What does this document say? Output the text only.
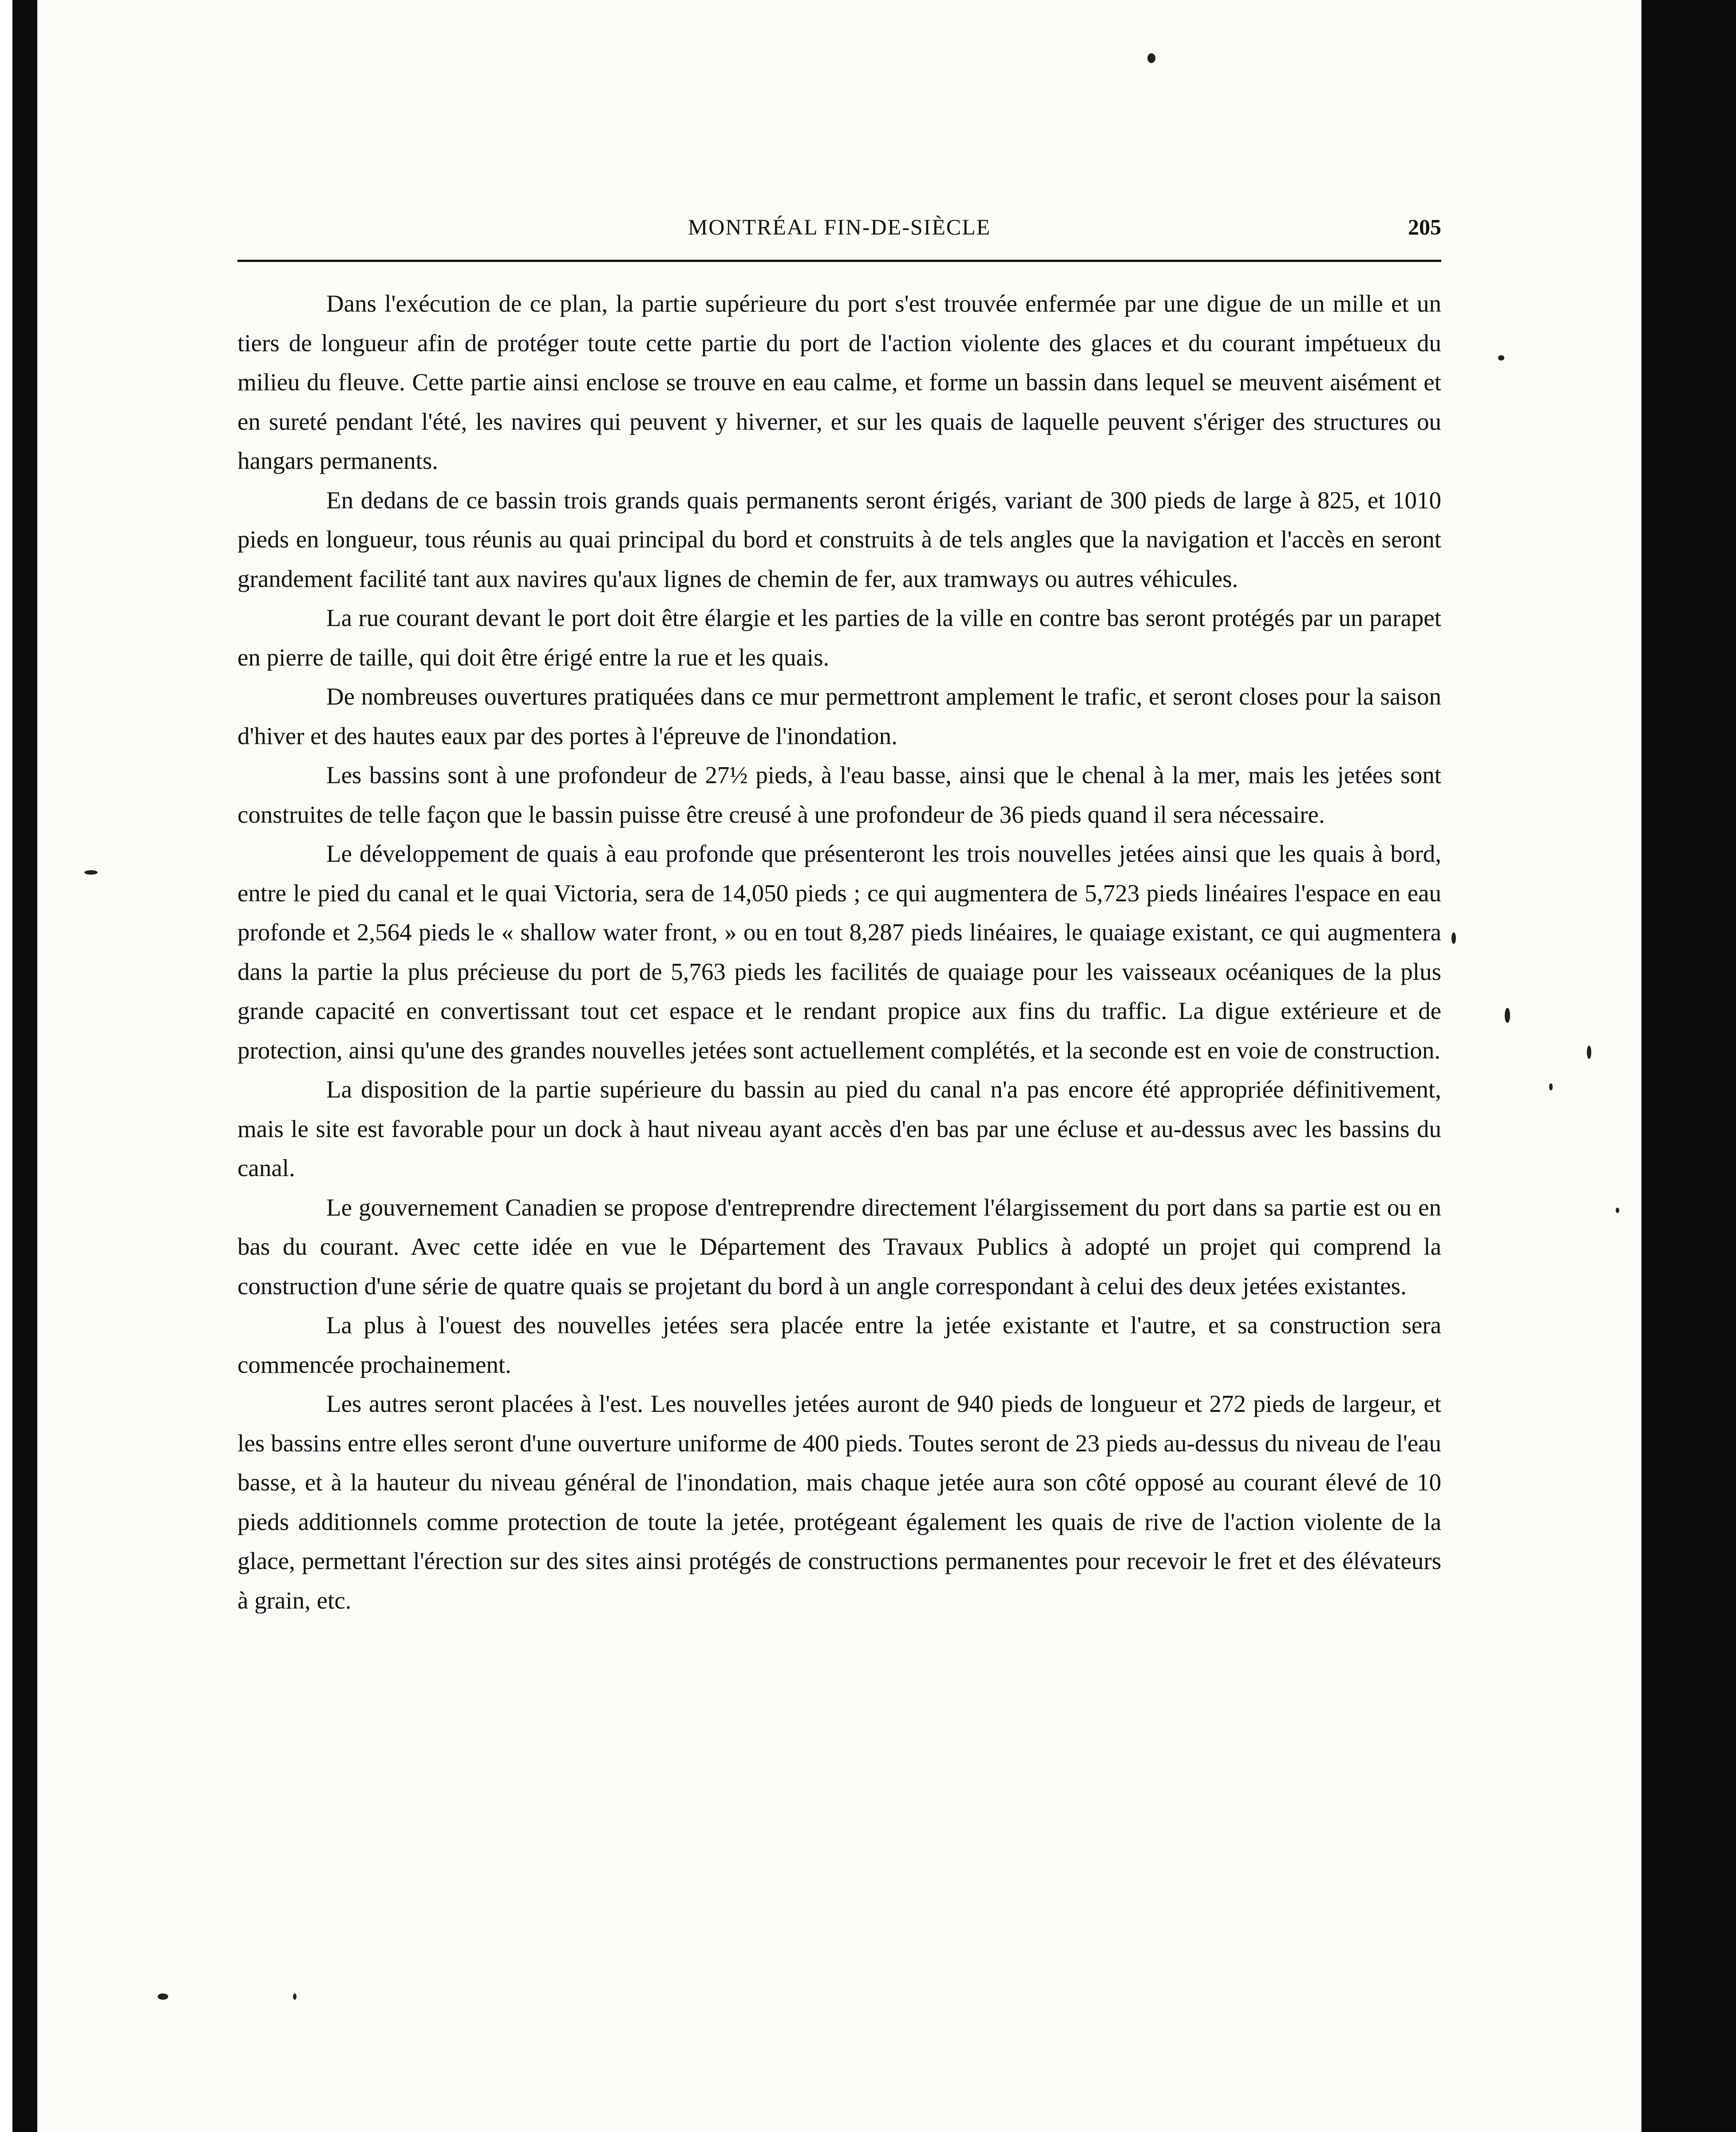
MONTRÉAL FIN-DE-SIÈCLE	205

Dans l'exécution de ce plan, la partie supérieure du port s'est trouvée enfermée par une digue de un mille et un tiers de longueur afin de protéger toute cette partie du port de l'action violente des glaces et du courant impétueux du milieu du fleuve. Cette partie ainsi enclose se trouve en eau calme, et forme un bassin dans lequel se meuvent aisément et en sureté pendant l'été, les navires qui peuvent y hiverner, et sur les quais de laquelle peuvent s'ériger des structures ou hangars permanents.

En dedans de ce bassin trois grands quais permanents seront érigés, variant de 300 pieds de large à 825, et 1010 pieds en longueur, tous réunis au quai principal du bord et construits à de tels angles que la navigation et l'accès en seront grandement facilité tant aux navires qu'aux lignes de chemin de fer, aux tramways ou autres véhicules.

La rue courant devant le port doit être élargie et les parties de la ville en contre bas seront protégés par un parapet en pierre de taille, qui doit être érigé entre la rue et les quais.

De nombreuses ouvertures pratiquées dans ce mur permettront amplement le trafic, et seront closes pour la saison d'hiver et des hautes eaux par des portes à l'épreuve de l'inondation.

Les bassins sont à une profondeur de 27½ pieds, à l'eau basse, ainsi que le chenal à la mer, mais les jetées sont construites de telle façon que le bassin puisse être creusé à une profondeur de 36 pieds quand il sera nécessaire.

Le développement de quais à eau profonde que présenteront les trois nouvelles jetées ainsi que les quais à bord, entre le pied du canal et le quai Victoria, sera de 14,050 pieds ; ce qui augmentera de 5,723 pieds linéaires l'espace en eau profonde et 2,564 pieds le « shallow water front, » ou en tout 8,287 pieds linéaires, le quaiage existant, ce qui augmentera dans la partie la plus précieuse du port de 5,763 pieds les facilités de quaiage pour les vaisseaux océaniques de la plus grande capacité en convertissant tout cet espace et le rendant propice aux fins du traffic. La digue extérieure et de protection, ainsi qu'une des grandes nouvelles jetées sont actuellement complétés, et la seconde est en voie de construction.

La disposition de la partie supérieure du bassin au pied du canal n'a pas encore été appropriée définitivement, mais le site est favorable pour un dock à haut niveau ayant accès d'en bas par une écluse et au-dessus avec les bassins du canal.

Le gouvernement Canadien se propose d'entreprendre directement l'élargissement du port dans sa partie est ou en bas du courant. Avec cette idée en vue le Département des Travaux Publics à adopté un projet qui comprend la construction d'une série de quatre quais se projetant du bord à un angle correspondant à celui des deux jetées existantes.

La plus à l'ouest des nouvelles jetées sera placée entre la jetée existante et l'autre, et sa construction sera commencée prochainement.

Les autres seront placées à l'est. Les nouvelles jetées auront de 940 pieds de longueur et 272 pieds de largeur, et les bassins entre elles seront d'une ouverture uniforme de 400 pieds. Toutes seront de 23 pieds au-dessus du niveau de l'eau basse, et à la hauteur du niveau général de l'inondation, mais chaque jetée aura son côté opposé au courant élevé de 10 pieds additionnels comme protection de toute la jetée, protégeant également les quais de rive de l'action violente de la glace, permettant l'érection sur des sites ainsi protégés de constructions permanentes pour recevoir le fret et des élévateurs à grain, etc.
